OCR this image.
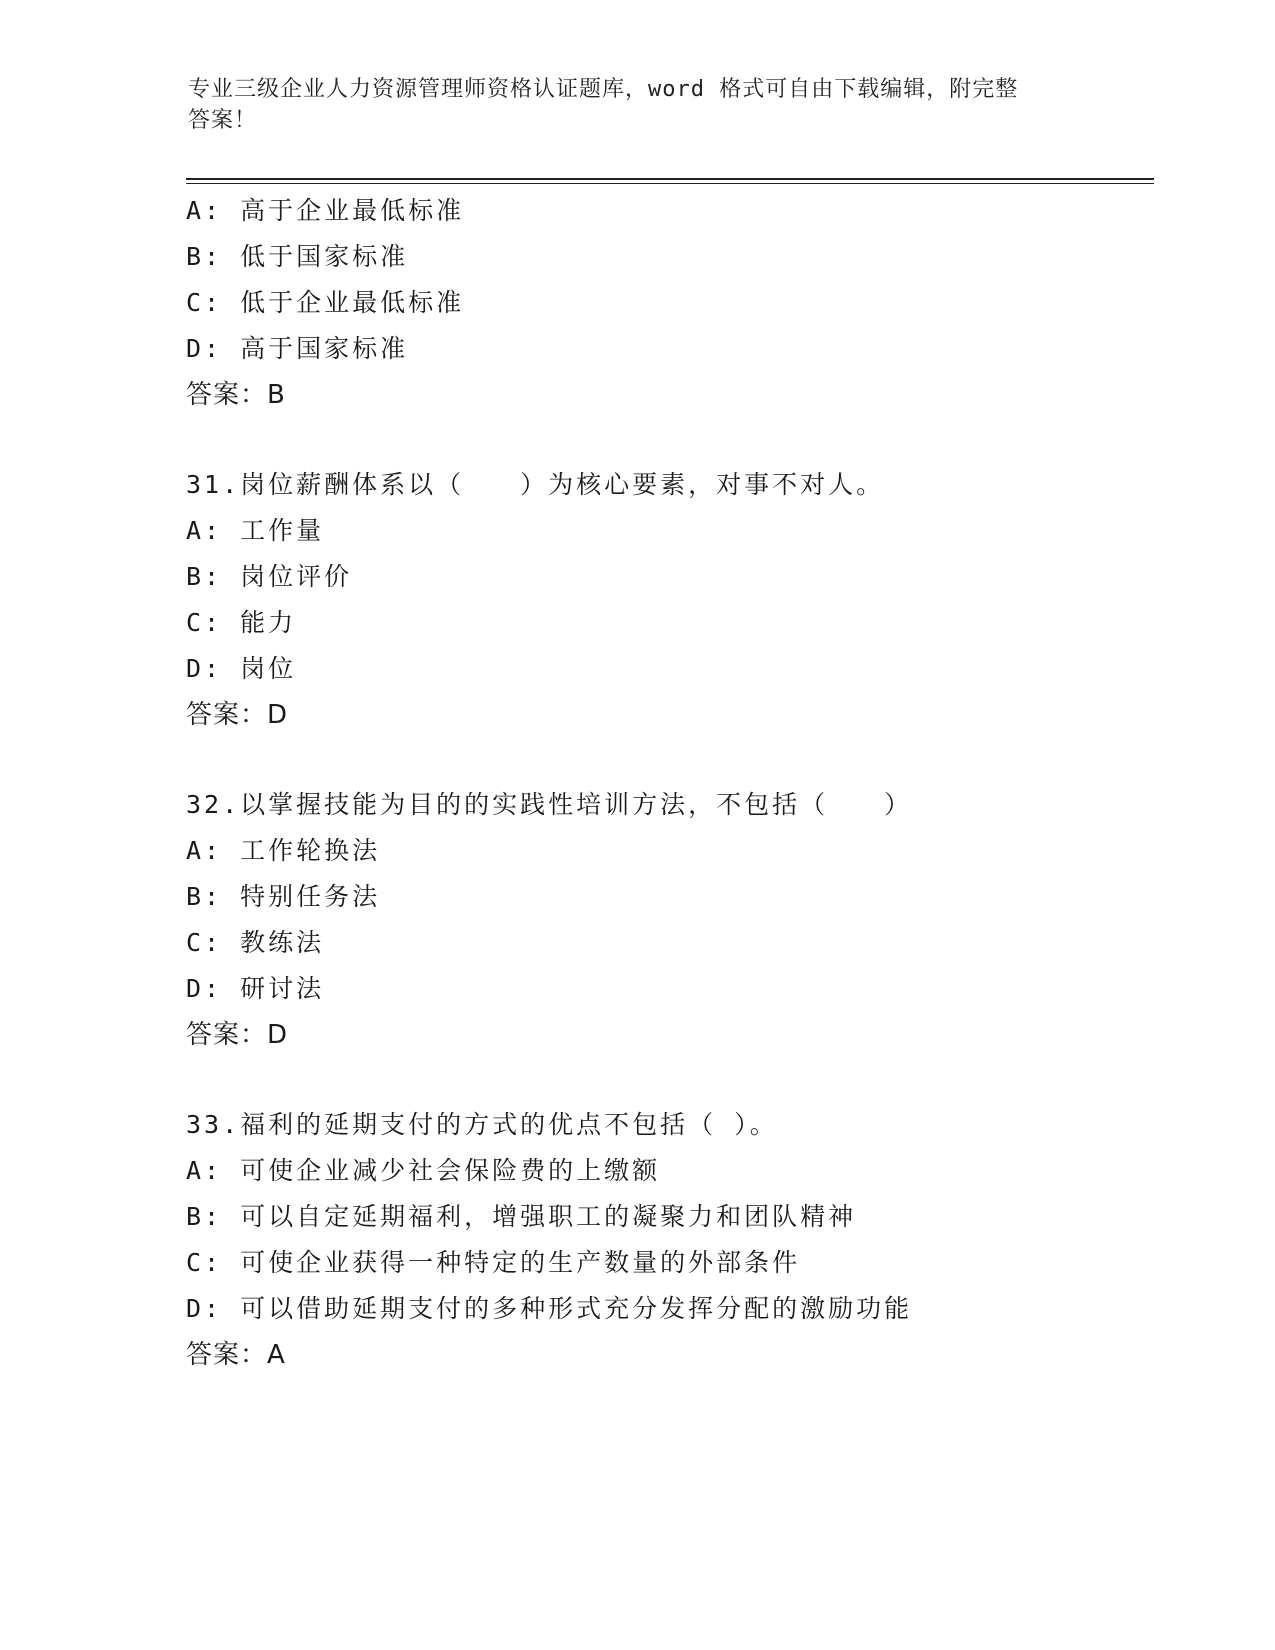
专业三级企业人力资源管理师资格认证题库，word 格式可自由下载编辑，附完整
答案！
A: 高于企业最低标准
B: 低于国家标准
C: 低于企业最低标准
D: 高于国家标准
答案：B
31.岗位薪酬体系以（　　）为核心要素，对事不对人。
A: 工作量
B: 岗位评价
C: 能力
D: 岗位
答案：D
32.以掌握技能为目的的实践性培训方法，不包括（　　）
A: 工作轮换法
B: 特别任务法
C: 教练法
D: 研讨法
答案：D
33.福利的延期支付的方式的优点不包括（ ）。
A: 可使企业减少社会保险费的上缴额
B: 可以自定延期福利，增强职工的凝聚力和团队精神
C: 可使企业获得一种特定的生产数量的外部条件
D: 可以借助延期支付的多种形式充分发挥分配的激励功能
答案：A
